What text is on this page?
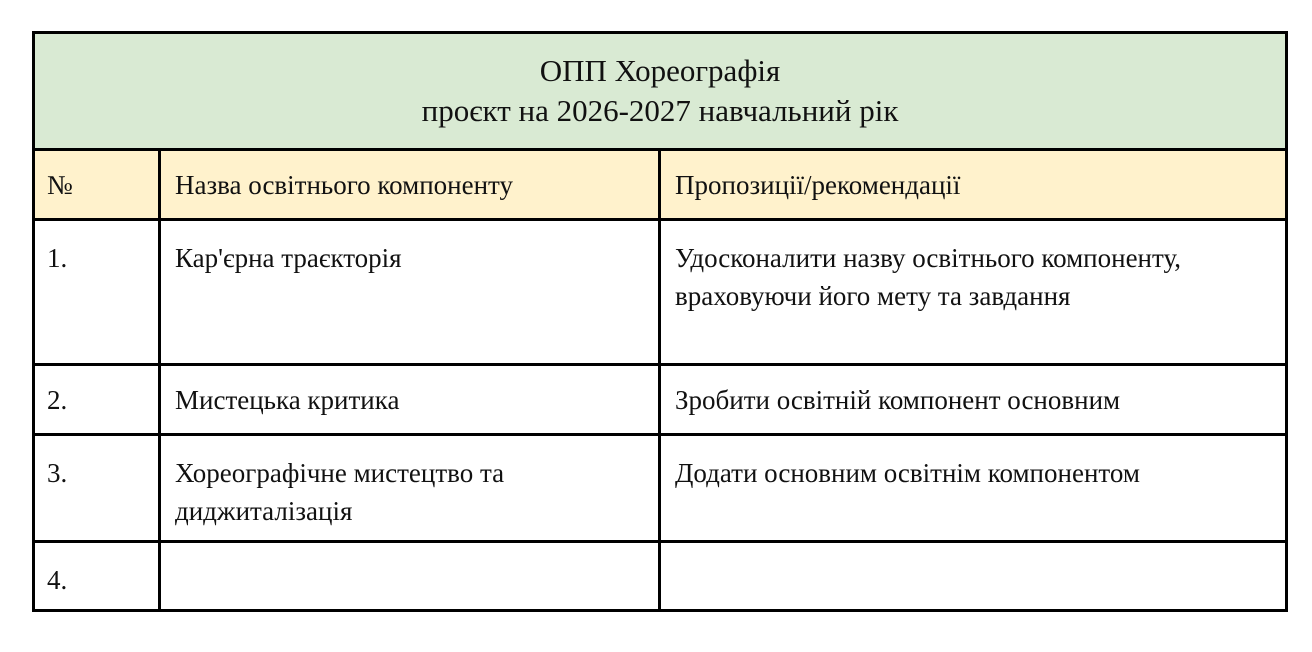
ОПП Хореографія
проєкт на 2026-2027 навчальний рік		

№	Назва освітнього компоненту	Пропозиції/рекомендації

1.	Кар'єрна траєкторія	Удосконалити назву освітнього компоненту, враховуючи його мету та завдання

2.	Мистецька критика	Зробити освітній компонент основним

3.	Хореографічне мистецтво та диджиталізація	Додати основним освітнім компонентом

4.		
